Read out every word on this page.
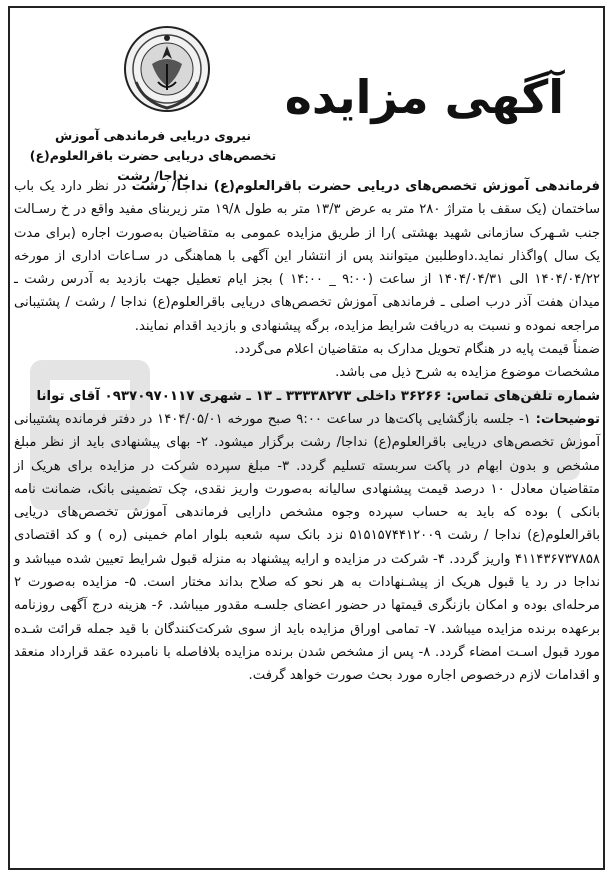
آگهی مزایده
نیروی دریایی فرماندهی آموزش
تخصص‌های دریایی حضرت باقرالعلوم(ع) نداجا/ رشت

فرماندهی آموزش تخصص‌های دریایی حضرت باقرالعلوم(ع) نداجا/ رشت در نظر دارد یک باب ساختمان (یک سقف با متراژ ۲۸۰ متر به عرض ۱۳/۳ متر به طول ۱۹/۸ متر زیربنای مفید واقع در خ رسـالت جنب شـهرک سازمانی شهید بهشتی )را از طریق مزایده عمومی به متقاضیان به‌صورت اجاره (برای مدت یک سال )واگذار نماید.داوطلبین میتوانند پس از انتشار این آگهی با هماهنگی در سـاعات اداری از مورخه ۱۴۰۴/۰۴/۲۲ الی ۱۴۰۴/۰۴/۳۱ از ساعت (۹:۰۰ _ ۱۴:۰۰ ) بجز ایام تعطیل جهت بازدید به آدرس رشت ـ میدان هفت آذر درب اصلی ـ فرماندهی آموزش تخصص‌های دریایی باقرالعلوم(ع) نداجا / رشت / پشتیبانی مراجعه نموده و نسبت به دریافت شرایط مزایده، برگه پیشنهادی و بازدید اقدام نمایند.

ضمناً قیمت پایه در هنگام تحویل مدارک به متقاضیان اعلام می‌گردد.

مشخصات موضوع مزایده به شرح ذیل می باشد.

شماره تلفن‌های تماس: ۳۶۲۶۶ داخلی ۳۳۳۳۸۲۷۳ ـ ۱۳ ـ شهری ۰۹۳۷۰۹۷۰۱۱۷ آقای توانا

توضیحات: ۱- جلسه بازگشایی پاکت‌ها در ساعت ۹:۰۰ صبح مورخه ۱۴۰۴/۰۵/۰۱ در دفتر فرمانده پشتیبانی آموزش تخصص‌های دریایی باقرالعلوم(ع) نداجا/ رشت برگزار میشود. ۲- بهای پیشنهادی باید از نظر مبلغ مشخص و بدون ابهام در پاکت سربسته تسلیم گردد. ۳- مبلغ سپرده شرکت در مزایده برای هریک از متقاضیان معادل ۱۰ درصد قیمت پیشنهادی سالیانه به‌صورت واریز نقدی، چک تضمینی بانک، ضمانت نامه بانکی ) بوده که باید به حساب سپرده وجوه مشخص دارایی فرماندهی آموزش تخصص‌های دریایی باقرالعلوم(ع) نداجا / رشت ۵۱۵۱۵۷۴۴۱۲۰۰۹ نزد بانک سپه شعبه بلوار امام خمینی (ره ) و کد اقتصادی ۴۱۱۴۳۶۷۳۷۸۵۸ واریز گردد. ۴- شرکت در مزایده و ارایه پیشنهاد به منزله قبول شرایط تعیین شده میباشد و نداجا در رد یا قبول هریک از پیشـنهادات به هر نحو که صلاح بداند مختار است. ۵- مزایده به‌صورت ۲ مرحله‌ای بوده و امکان بازنگری قیمتها در حضور اعضای جلسـه مقدور میباشد. ۶- هزینه درج آگهی روزنامه برعهده برنده مزایده میباشد. ۷- تمامی اوراق مزایده باید از سوی شرکت‌کنندگان با قید جمله قرائت شـده مورد قبول اسـت امضاء گردد. ۸- پس از مشخص شدن برنده مزایده بلافاصله با نامبرده عقد قرارداد منعقد و اقدامات لازم درخصوص اجاره مورد بحث صورت خواهد گرفت.
